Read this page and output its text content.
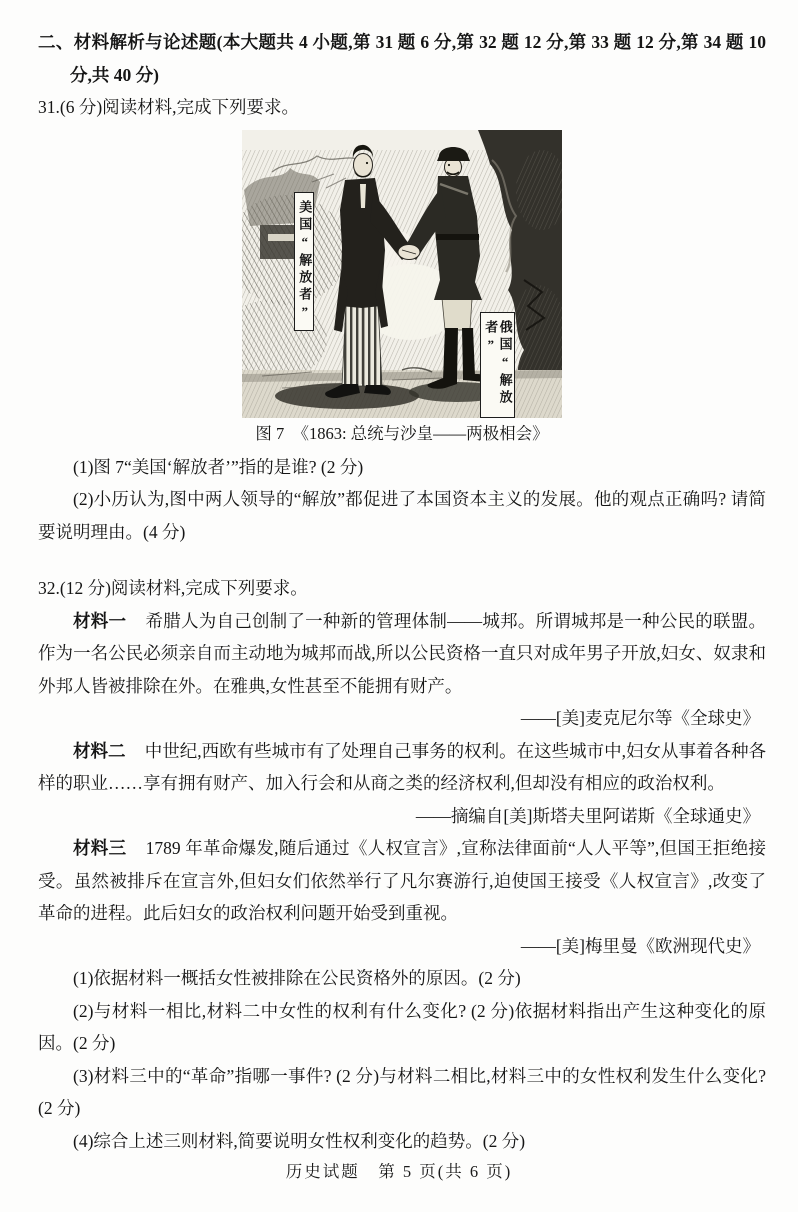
二、材料解析与论述题(本大题共 4 小题,第 31 题 6 分,第 32 题 12 分,第 33 题 12 分,第 34 题 10 分,共 40 分)

31.(6 分)阅读材料,完成下列要求。

美国“解放者”
俄国“解放者”
图 7　《1863: 总统与沙皇——两极相会》

(1)图 7“美国‘解放者’”指的是谁? (2 分)

(2)小历认为,图中两人领导的“解放”都促进了本国资本主义的发展。他的观点正确吗? 请简要说明理由。(4 分)

32.(12 分)阅读材料,完成下列要求。

材料一 希腊人为自己创制了一种新的管理体制——城邦。所谓城邦是一种公民的联盟。作为一名公民必须亲自而主动地为城邦而战,所以公民资格一直只对成年男子开放,妇女、奴隶和外邦人皆被排除在外。在雅典,女性甚至不能拥有财产。

——[美]麦克尼尔等《全球史》

材料二 中世纪,西欧有些城市有了处理自己事务的权利。在这些城市中,妇女从事着各种各样的职业……享有拥有财产、加入行会和从商之类的经济权利,但却没有相应的政治权利。

——摘编自[美]斯塔夫里阿诺斯《全球通史》

材料三 1789 年革命爆发,随后通过《人权宣言》,宣称法律面前“人人平等”,但国王拒绝接受。虽然被排斥在宣言外,但妇女们依然举行了凡尔赛游行,迫使国王接受《人权宣言》,改变了革命的进程。此后妇女的政治权利问题开始受到重视。

——[美]梅里曼《欧洲现代史》

(1)依据材料一概括女性被排除在公民资格外的原因。(2 分)

(2)与材料一相比,材料二中女性的权利有什么变化? (2 分)依据材料指出产生这种变化的原因。(2 分)

(3)材料三中的“革命”指哪一事件? (2 分)与材料二相比,材料三中的女性权利发生什么变化? (2 分)

(4)综合上述三则材料,简要说明女性权利变化的趋势。(2 分)

历史试题　第 5 页(共 6 页)
